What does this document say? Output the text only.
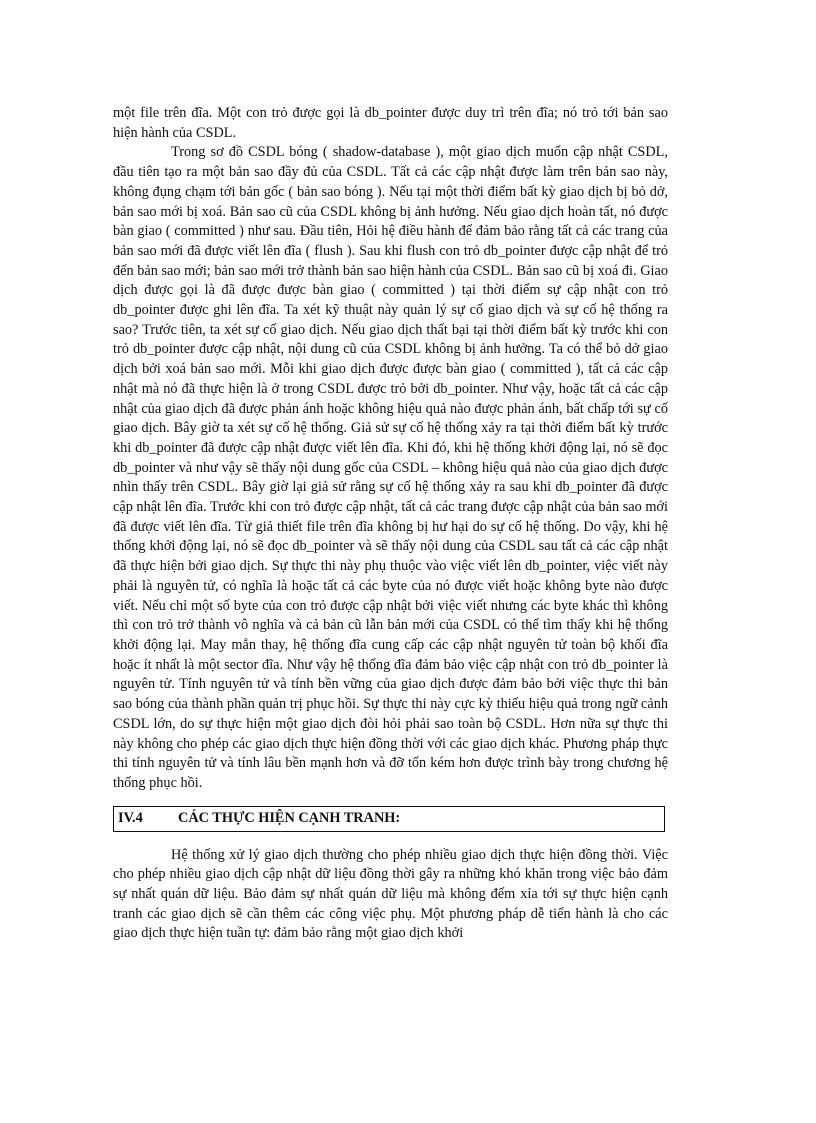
một file trên đĩa. Một con trỏ được gọi là db_pointer được duy trì trên đĩa; nó trỏ tới bản sao hiện hành của CSDL.

Trong sơ đồ CSDL bóng ( shadow-database ), một giao dịch muốn cập nhật CSDL, đầu tiên tạo ra một bản sao đầy đủ của CSDL. Tất cả các cập nhật được làm trên bản sao này, không đụng chạm tới bản gốc ( bản sao bóng ). Nếu tại một thời điểm bất kỳ giao dịch bị bỏ dở, bản sao mới bị xoá. Bản sao cũ của CSDL không bị ảnh hưởng. Nếu giao dịch hoàn tất, nó được bàn giao ( committed ) như sau. Đầu tiên, Hỏi hệ điều hành để đảm bảo rằng tất cả các trang của bản sao mới đã được viết lên đĩa ( flush ). Sau khi flush con trỏ db_pointer được cập nhật để trỏ đến bản sao mới; bản sao mới trở thành bản sao hiện hành của CSDL. Bản sao cũ bị xoá đi. Giao dịch được gọi là đã được được bàn giao ( committed ) tại thời điểm sự cập nhật con trỏ db_pointer được ghi lên đĩa. Ta xét kỹ thuật này quản lý sự cố giao dịch và sự cố hệ thống ra sao? Trước tiên, ta xét sự cố giao dịch. Nếu giao dịch thất bại tại thời điểm bất kỳ trước khi con trỏ db_pointer được cập nhật, nội dung cũ của CSDL không bị ảnh hưởng. Ta có thể bỏ dở giao dịch bởi xoá bản sao mới. Mỗi khi giao dịch được được bàn giao ( committed ), tất cả các cập nhật mà nó đã thực hiện là ở trong CSDL được trỏ bởi db_pointer. Như vậy, hoặc tất cả các cập nhật của giao dịch đã được phản ánh hoặc không hiệu quả nào được phản ánh, bất chấp tới sự cố giao dịch. Bây giờ ta xét sự cố hệ thống. Giả sử sự cố hệ thống xảy ra tại thời điểm bất kỳ trước khi db_pointer đã được cập nhật được viết lên đĩa. Khi đó, khi hệ thống khởi động lại, nó sẽ đọc db_pointer và như vậy sẽ thấy nội dung gốc của CSDL – không hiệu quả nào của giao dịch được nhìn thấy trên CSDL. Bây giờ lại giả sử rằng sự cố hệ thống xảy ra sau khi db_pointer đã được cập nhật lên đĩa. Trước khi con trỏ được cập nhật, tất cả các trang được cập nhật của bản sao mới đã được viết lên đĩa. Từ giả thiết file trên đĩa không bị hư hại do sự cố hệ thống. Do vậy, khi hệ thống khởi động lại, nó sẽ đọc db_pointer và sẽ thấy nội dung của CSDL sau tất cả các cập nhật đã thực hiện bởi giao dịch. Sự thực thi này phụ thuộc vào việc viết lên db_pointer, việc viết này phải là nguyên tử, có nghĩa là hoặc tất cả các byte của nó được viết hoặc không byte nào được viết. Nếu chỉ một số byte của con trỏ được cập nhật bởi việc viết nhưng các byte khác thì không thì con trỏ trở thành vô nghĩa và cả bản cũ lẫn bản mới của CSDL có thể tìm thấy khi hệ thống khởi động lại. May mắn thay, hệ thống đĩa cung cấp các cập nhật nguyên tử toàn bộ khối đĩa hoặc ít nhất là một sector đĩa. Như vậy hệ thống đĩa đảm bảo việc cập nhật con trỏ db_pointer là nguyên tử. Tính nguyên tử và tính bền vững của giao dịch được đảm bảo bởi việc thực thi bản sao bóng của thành phần quản trị phục hồi. Sự thực thi này cực kỳ thiếu hiệu quả trong ngữ cảnh CSDL lớn, do sự thực hiện một giao dịch đòi hỏi phải sao toàn bộ CSDL. Hơn nữa sự thực thi này không cho phép các giao dịch thực hiện đồng thời với các giao dịch khác. Phương pháp thực thi tính nguyên tử và tính lâu bền mạnh hơn và đỡ tốn kém hơn được trình bày trong chương hệ thống phục hồi.

IV.4	CÁC THỰC HIỆN CẠNH TRANH:

Hệ thống xử lý giao dịch thường cho phép nhiều giao dịch thực hiện đồng thời. Việc cho phép nhiều giao dịch cập nhật dữ liệu đồng thời gây ra những khó khăn trong việc bảo đảm sự nhất quán dữ liệu. Bảo đảm sự nhất quán dữ liệu mà không đếm xỉa tới sự thực hiện cạnh tranh các giao dịch sẽ cần thêm các công việc phụ. Một phương pháp dễ tiến hành là cho các giao dịch thực hiện tuần tự: đảm bảo rằng một giao dịch khởi
